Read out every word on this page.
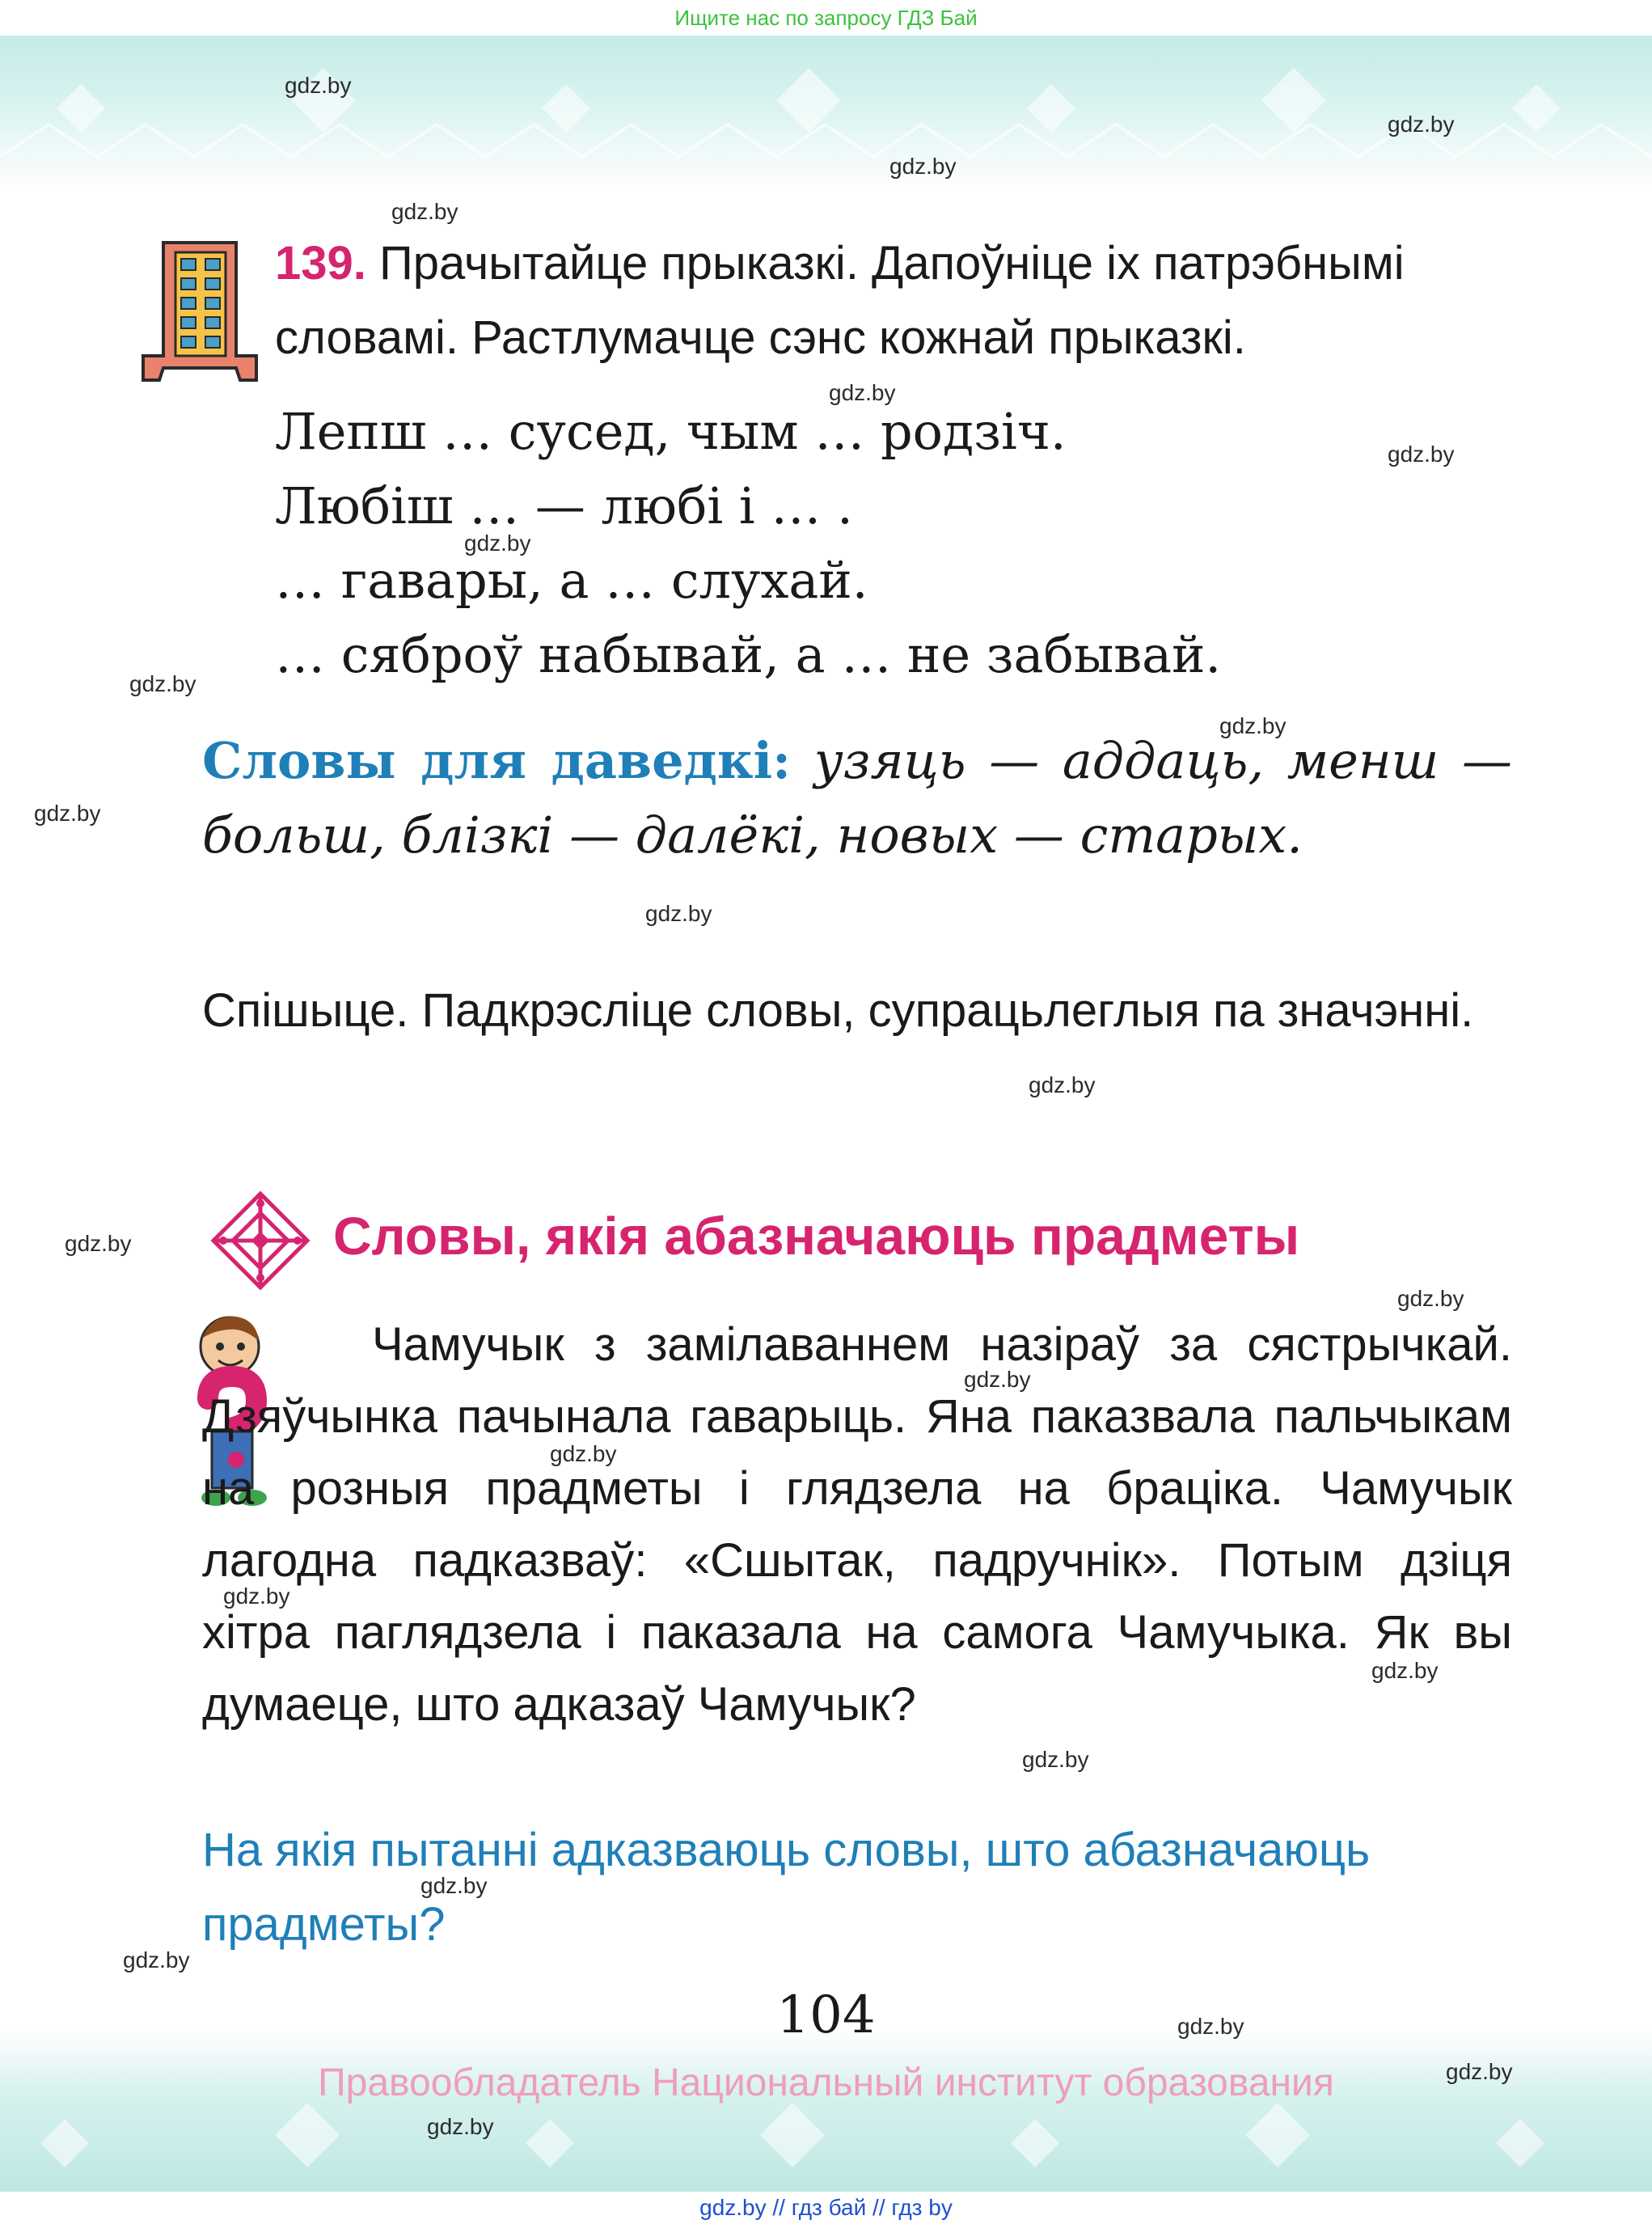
Ищите нас по запросу ГДЗ Бай
gdz.by
gdz.by
gdz.by
gdz.by
gdz.by
gdz.by
gdz.by
gdz.by
gdz.by
gdz.by
gdz.by
gdz.by
gdz.by
gdz.by
gdz.by
gdz.by
gdz.by
gdz.by
gdz.by
gdz.by
gdz.by
gdz.by
gdz.by
gdz.by
139. Прачытайце прыказкі. Дапоўніце іх патрэбнымі словамі. Растлумачце сэнс кожнай прыказкі.
Лепш … сусед, чым … родзіч.
Любіш … — любі і … .
… гавары, а … слухай.
… сяброў набывай, а … не забывай.
Словы для даведкі: узяць — аддаць, менш — больш, блізкі — далёкі, новых — старых.
Спішыце. Падкрэсліце словы, супрацьлеглыя па значэнні.
Словы, якія абазначаюць прадметы
Чамучык з замілаваннем назіраў за сястрычкай. Дзяўчынка пачынала гаварыць. Яна паказвала пальчыкам на розныя прадметы і глядзела на брацiка. Чамучык лагодна падказваў: «Сшытак, падручнік». Потым дзіця хітра паглядзела і паказала на самога Чамучыка. Як вы думаеце, што адказаў Чамучык?
На якія пытанні адказваюць словы, што абазначаюць прадметы?
104
Правообладатель Национальный институт образования
gdz.by // гдз бай // гдз by
